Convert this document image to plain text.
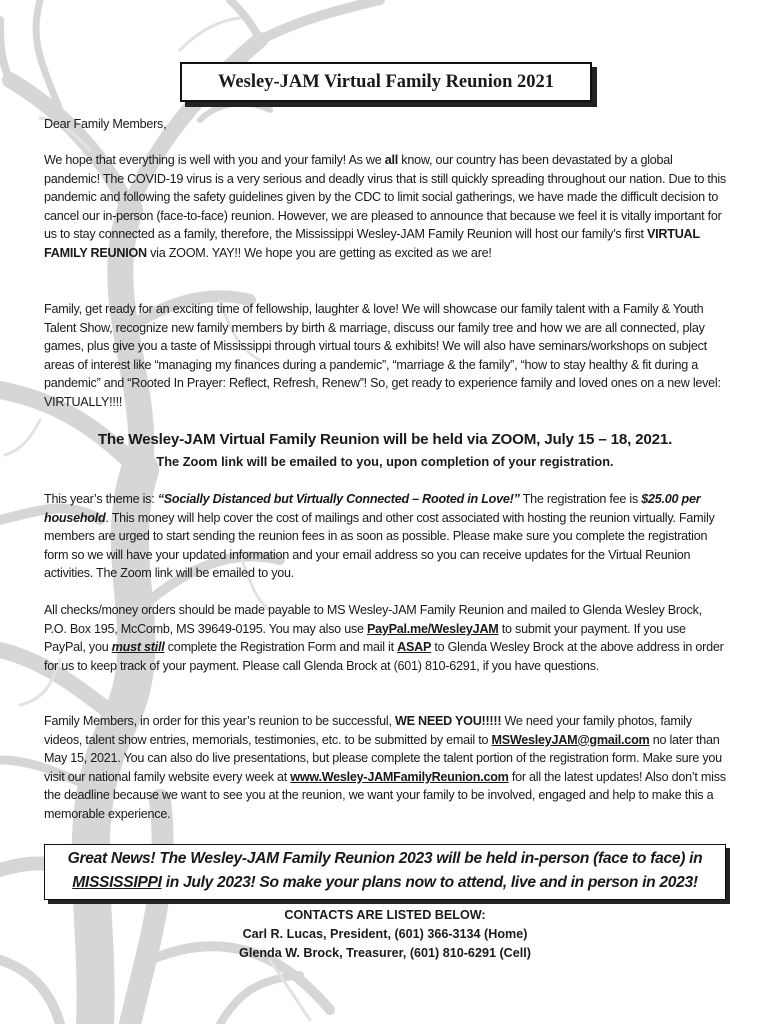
Wesley-JAM Virtual Family Reunion 2021
Dear Family Members,
We hope that everything is well with you and your family! As we all know, our country has been devastated by a global pandemic! The COVID-19 virus is a very serious and deadly virus that is still quickly spreading throughout our nation. Due to this pandemic and following the safety guidelines given by the CDC to limit social gatherings, we have made the difficult decision to cancel our in-person (face-to-face) reunion. However, we are pleased to announce that because we feel it is vitally important for us to stay connected as a family, therefore, the Mississippi Wesley-JAM Family Reunion will host our family’s first VIRTUAL FAMILY REUNION via ZOOM. YAY!! We hope you are getting as excited as we are!
Family, get ready for an exciting time of fellowship, laughter & love! We will showcase our family talent with a Family & Youth Talent Show, recognize new family members by birth & marriage, discuss our family tree and how we are all connected, play games, plus give you a taste of Mississippi through virtual tours & exhibits! We will also have seminars/workshops on subject areas of interest like “managing my finances during a pandemic”, “marriage & the family”, “how to stay healthy & fit during a pandemic” and “Rooted In Prayer: Reflect, Refresh, Renew”! So, get ready to experience family and loved ones on a new level: VIRTUALLY!!!!
The Wesley-JAM Virtual Family Reunion will be held via ZOOM, July 15 – 18, 2021.
The Zoom link will be emailed to you, upon completion of your registration.
This year’s theme is: “Socially Distanced but Virtually Connected – Rooted in Love!” The registration fee is $25.00 per household. This money will help cover the cost of mailings and other cost associated with hosting the reunion virtually. Family members are urged to start sending the reunion fees in as soon as possible. Please make sure you complete the registration form so we will have your updated information and your email address so you can receive updates for the Virtual Reunion activities. The Zoom link will be emailed to you.
All checks/money orders should be made payable to MS Wesley-JAM Family Reunion and mailed to Glenda Wesley Brock, P.O. Box 195, McComb, MS 39649-0195. You may also use PayPal.me/WesleyJAM to submit your payment. If you use PayPal, you must still complete the Registration Form and mail it ASAP to Glenda Wesley Brock at the above address in order for us to keep track of your payment. Please call Glenda Brock at (601) 810-6291, if you have questions.
Family Members, in order for this year’s reunion to be successful, WE NEED YOU!!!!! We need your family photos, family videos, talent show entries, memorials, testimonies, etc. to be submitted by email to MSWesleyJAM@gmail.com no later than May 15, 2021. You can also do live presentations, but please complete the talent portion of the registration form. Make sure you visit our national family website every week at www.Wesley-JAMFamilyReunion.com for all the latest updates! Also don’t miss the deadline because we want to see you at the reunion, we want your family to be involved, engaged and help to make this a memorable experience.
Great News! The Wesley-JAM Family Reunion 2023 will be held in-person (face to face) in MISSISSIPPI in July 2023! So make your plans now to attend, live and in person in 2023!
CONTACTS ARE LISTED BELOW:
Carl R. Lucas, President, (601) 366-3134 (Home)
Glenda W. Brock, Treasurer, (601) 810-6291 (Cell)
